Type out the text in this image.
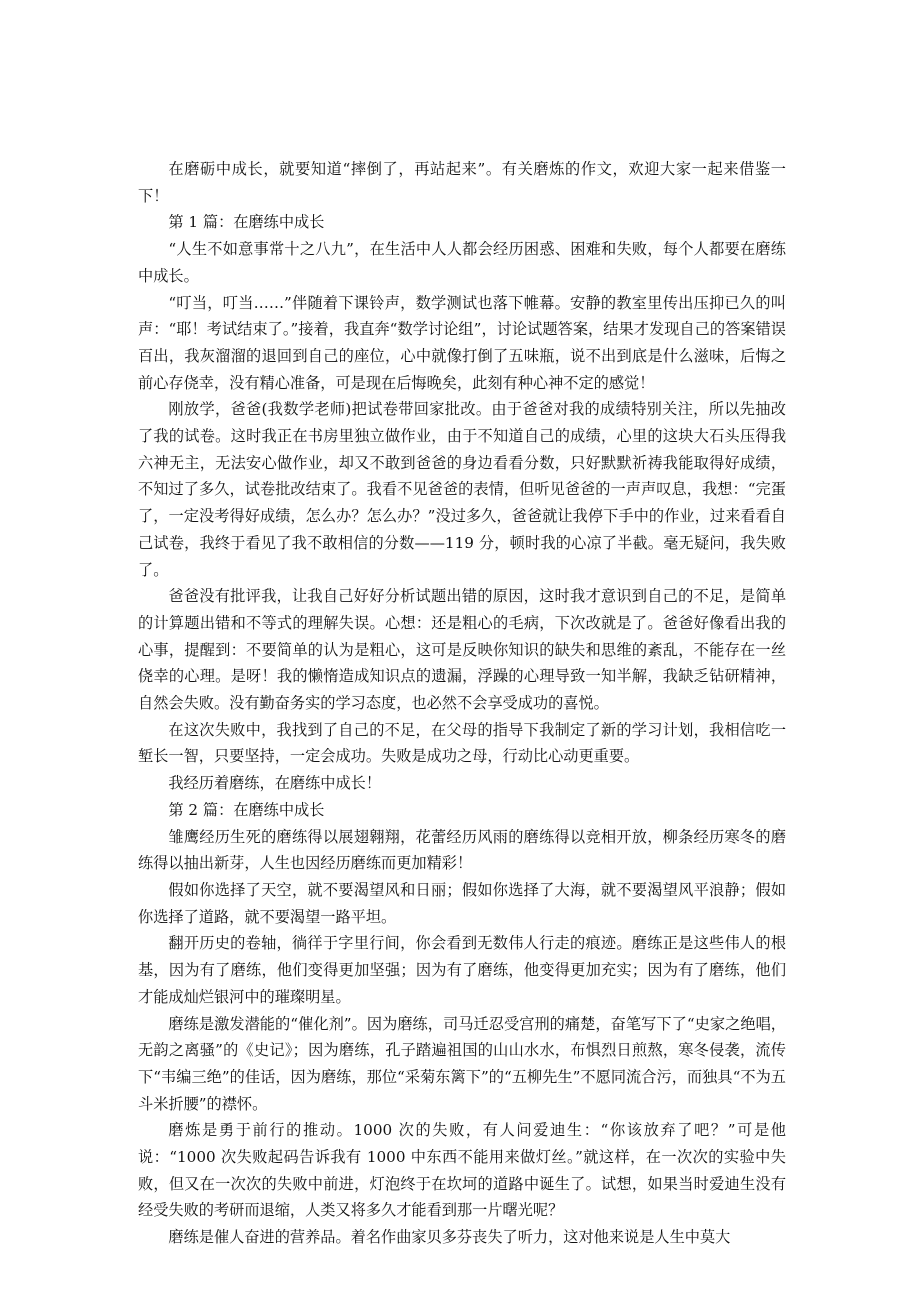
在磨砺中成长，就要知道“摔倒了，再站起来”。有关磨炼的作文，欢迎大家一起来借鉴一下！

第 1 篇：在磨练中成长

“人生不如意事常十之八九”，在生活中人人都会经历困惑、困难和失败，每个人都要在磨练中成长。

“叮当，叮当……”伴随着下课铃声，数学测试也落下帷幕。安静的教室里传出压抑已久的叫声：“耶！考试结束了。”接着，我直奔“数学讨论组”，讨论试题答案，结果才发现自己的答案错误百出，我灰溜溜的退回到自己的座位，心中就像打倒了五味瓶，说不出到底是什么滋味，后悔之前心存侥幸，没有精心准备，可是现在后悔晚矣，此刻有种心神不定的感觉！

刚放学，爸爸(我数学老师)把试卷带回家批改。由于爸爸对我的成绩特别关注，所以先抽改了我的试卷。这时我正在书房里独立做作业，由于不知道自己的成绩，心里的这块大石头压得我六神无主，无法安心做作业，却又不敢到爸爸的身边看看分数，只好默默祈祷我能取得好成绩，不知过了多久，试卷批改结束了。我看不见爸爸的表情，但听见爸爸的一声声叹息，我想：“完蛋了，一定没考得好成绩，怎么办？怎么办？”没过多久，爸爸就让我停下手中的作业，过来看看自己试卷，我终于看见了我不敢相信的分数——119 分，顿时我的心凉了半截。毫无疑问，我失败了。

爸爸没有批评我，让我自己好好分析试题出错的原因，这时我才意识到自己的不足，是简单的计算题出错和不等式的理解失误。心想：还是粗心的毛病，下次改就是了。爸爸好像看出我的心事，提醒到：不要简单的认为是粗心，这可是反映你知识的缺失和思维的紊乱，不能存在一丝侥幸的心理。是呀！我的懒惰造成知识点的遗漏，浮躁的心理导致一知半解，我缺乏钻研精神，自然会失败。没有勤奋务实的学习态度，也必然不会享受成功的喜悦。

在这次失败中，我找到了自己的不足，在父母的指导下我制定了新的学习计划，我相信吃一堑长一智，只要坚持，一定会成功。失败是成功之母，行动比心动更重要。

我经历着磨练，在磨练中成长！

第 2 篇：在磨练中成长

雏鹰经历生死的磨练得以展翅翱翔，花蕾经历风雨的磨练得以竞相开放，柳条经历寒冬的磨练得以抽出新芽，人生也因经历磨练而更加精彩！

假如你选择了天空，就不要渴望风和日丽；假如你选择了大海，就不要渴望风平浪静；假如你选择了道路，就不要渴望一路平坦。

翻开历史的卷轴，徜徉于字里行间，你会看到无数伟人行走的痕迹。磨练正是这些伟人的根基，因为有了磨练，他们变得更加坚强；因为有了磨练，他变得更加充实；因为有了磨练，他们才能成灿烂银河中的璀璨明星。

磨练是激发潜能的“催化剂”。因为磨练，司马迁忍受宫刑的痛楚，奋笔写下了“史家之绝唱，无韵之离骚”的《史记》；因为磨练，孔子踏遍祖国的山山水水，布惧烈日煎熬，寒冬侵袭，流传下“韦编三绝”的佳话，因为磨练，那位“采菊东篱下”的“五柳先生”不愿同流合污，而独具“不为五斗米折腰”的襟怀。

磨炼是勇于前行的推动。1000 次的失败，有人问爱迪生：“你该放弃了吧？”可是他说：“1000 次失败起码告诉我有 1000 中东西不能用来做灯丝。”就这样，在一次次的实验中失败，但又在一次次的失败中前进，灯泡终于在坎坷的道路中诞生了。试想，如果当时爱迪生没有经受失败的考研而退缩，人类又将多久才能看到那一片曙光呢？

磨练是催人奋进的营养品。着名作曲家贝多芬丧失了听力，这对他来说是人生中莫大
